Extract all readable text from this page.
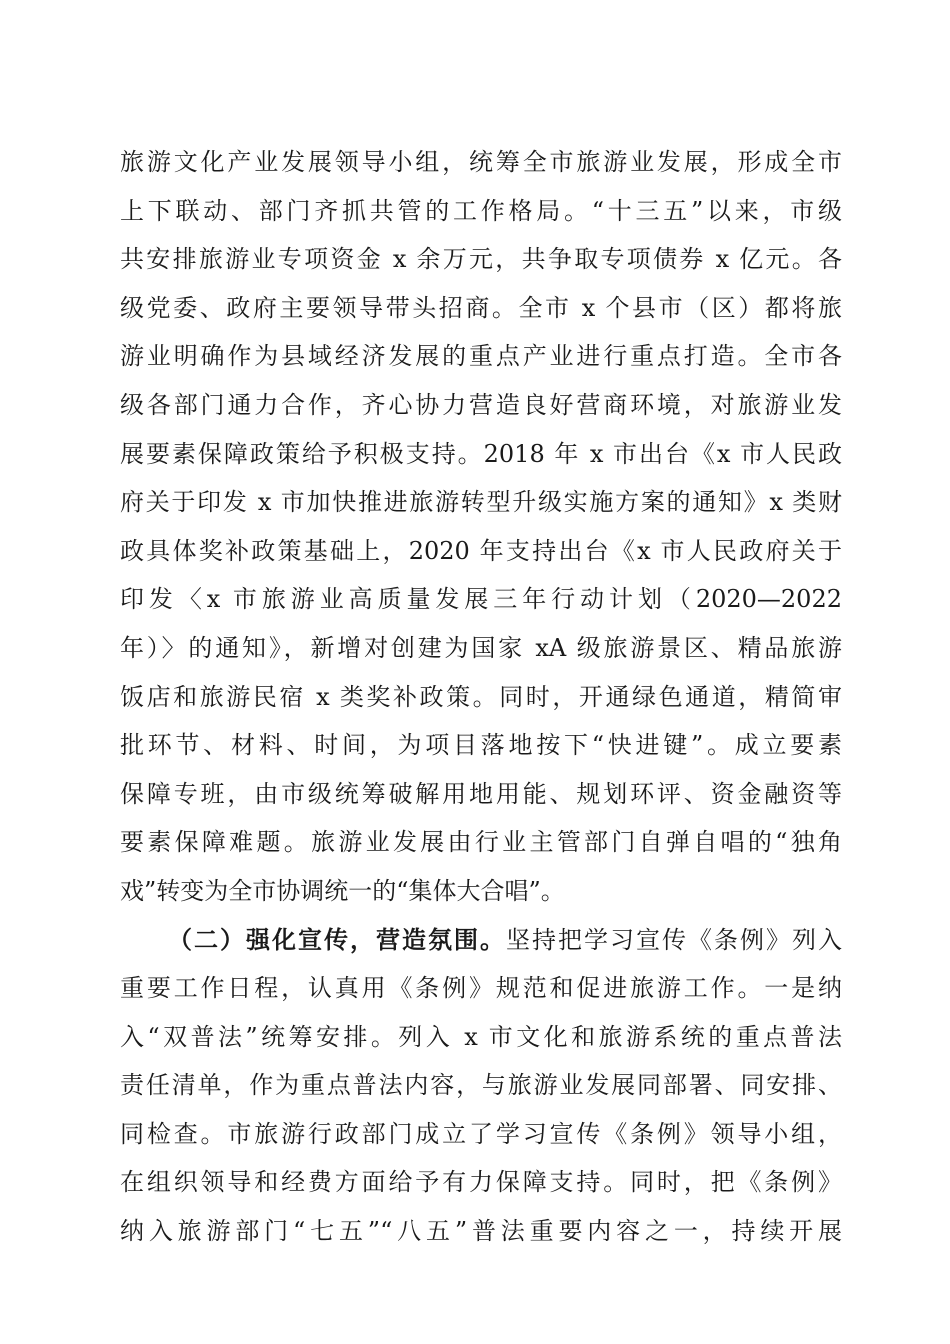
旅游文化产业发展领导小组，统筹全市旅游业发展，形成全市
上下联动、部门齐抓共管的工作格局。“十三五”以来，市级
共安排旅游业专项资金 x 余万元，共争取专项债券 x 亿元。各
级党委、政府主要领导带头招商。全市 x 个县市（区）都将旅
游业明确作为县域经济发展的重点产业进行重点打造。全市各
级各部门通力合作，齐心协力营造良好营商环境，对旅游业发
展要素保障政策给予积极支持。2018 年 x 市出台《x 市人民政
府关于印发 x 市加快推进旅游转型升级实施方案的通知》x 类财
政具体奖补政策基础上，2020 年支持出台《x 市人民政府关于
印发〈x 市旅游业高质量发展三年行动计划（2020—2022
年）〉的通知》，新增对创建为国家 xA 级旅游景区、精品旅游
饭店和旅游民宿 x 类奖补政策。同时，开通绿色通道，精简审
批环节、材料、时间，为项目落地按下“快进键”。成立要素
保障专班，由市级统筹破解用地用能、规划环评、资金融资等
要素保障难题。旅游业发展由行业主管部门自弹自唱的“独角
戏”转变为全市协调统一的“集体大合唱”。
（二）强化宣传，营造氛围。坚持把学习宣传《条例》列入
重要工作日程，认真用《条例》规范和促进旅游工作。一是纳
入“双普法”统筹安排。列入 x 市文化和旅游系统的重点普法
责任清单，作为重点普法内容，与旅游业发展同部署、同安排、
同检查。市旅游行政部门成立了学习宣传《条例》领导小组，
在组织领导和经费方面给予有力保障支持。同时，把《条例》
纳入旅游部门“七五”“八五”普法重要内容之一，持续开展
